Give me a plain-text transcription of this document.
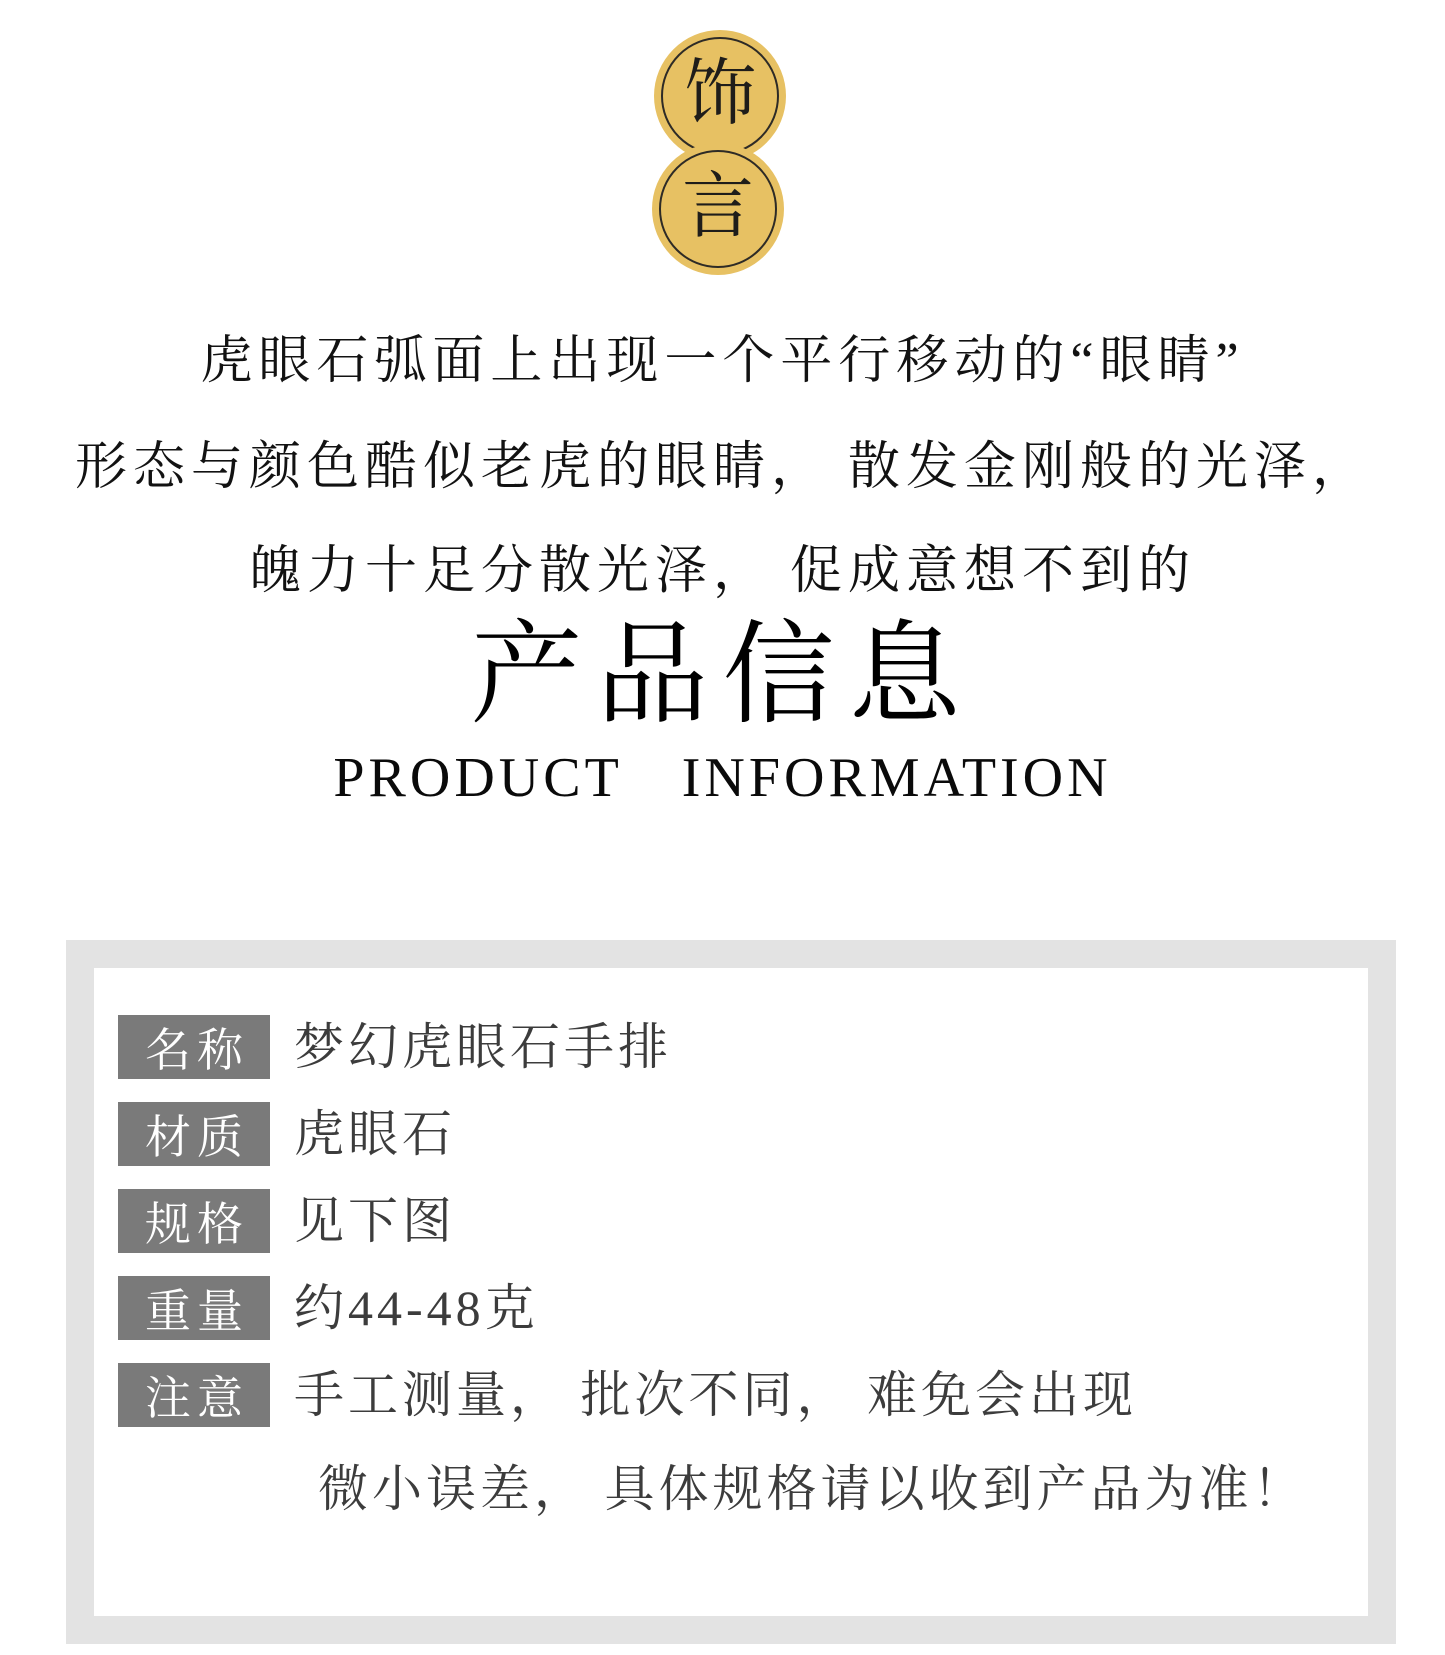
饰
言
虎眼石弧面上出现一个平行移动的“眼睛”
形态与颜色酷似老虎的眼睛， 散发金刚般的光泽，
魄力十足分散光泽， 促成意想不到的
产品信息
PRODUCT INFORMATION
名称 梦幻虎眼石手排
材质 虎眼石
规格 见下图
重量 约44-48克
注意 手工测量， 批次不同， 难免会出现
微小误差， 具体规格请以收到产品为准！
